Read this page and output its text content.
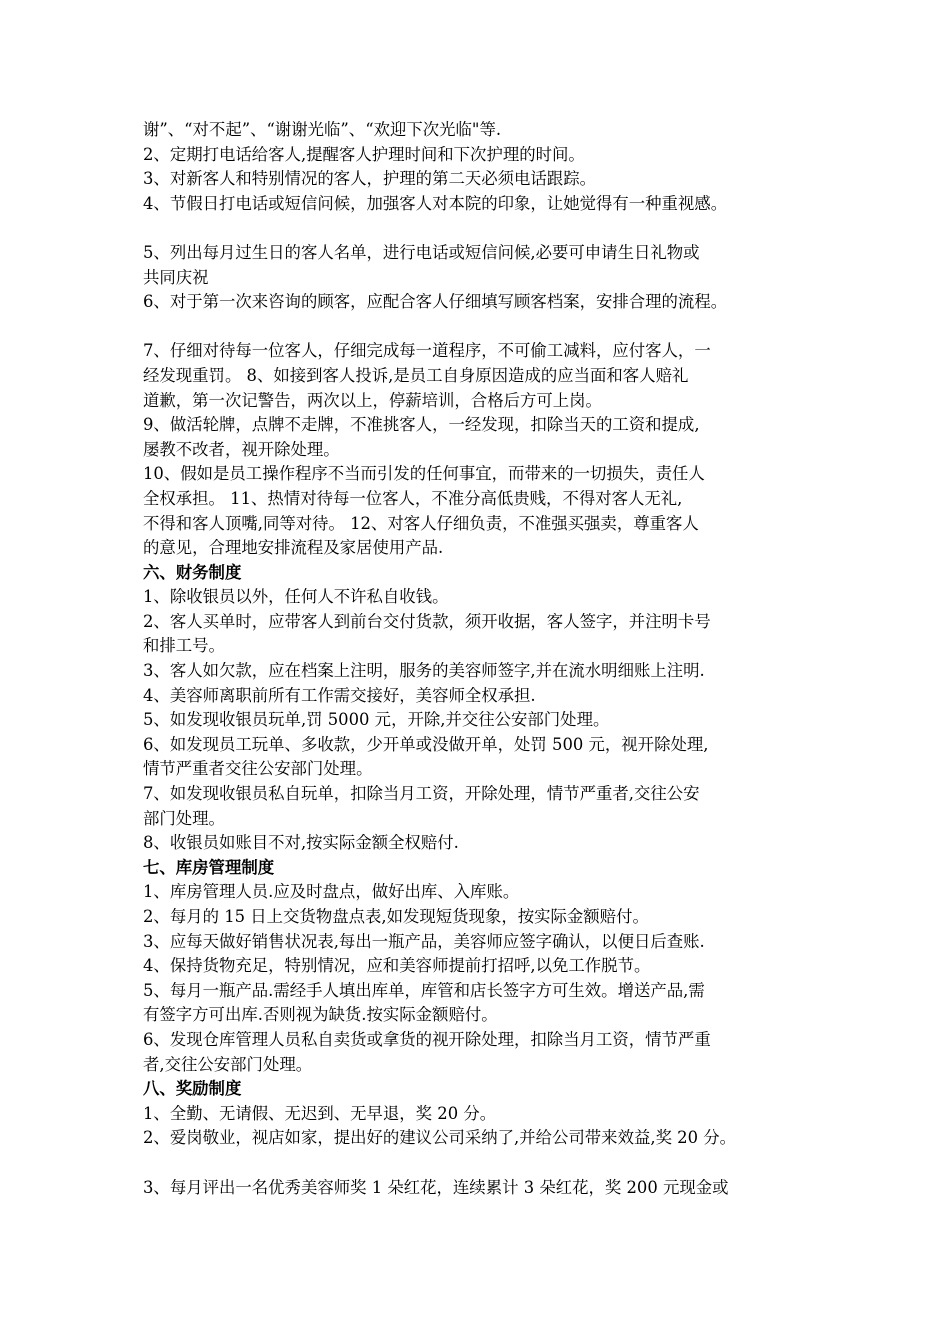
谢”、“对不起”、“谢谢光临”、“欢迎下次光临"等.
2、定期打电话给客人,提醒客人护理时间和下次护理的时间。
3、对新客人和特别情况的客人，护理的第二天必须电话跟踪。
4、节假日打电话或短信问候，加强客人对本院的印象，让她觉得有一种重视感。
5、列出每月过生日的客人名单，进行电话或短信问候,必要可申请生日礼物或
共同庆祝
6、对于第一次来咨询的顾客，应配合客人仔细填写顾客档案，安排合理的流程。
7、仔细对待每一位客人，仔细完成每一道程序，不可偷工减料，应付客人，一
经发现重罚。 8、如接到客人投诉,是员工自身原因造成的应当面和客人赔礼
道歉，第一次记警告，两次以上，停薪培训，合格后方可上岗。
9、做活轮牌，点牌不走牌，不准挑客人，一经发现，扣除当天的工资和提成,
屡教不改者，视开除处理。
10、假如是员工操作程序不当而引发的任何事宜，而带来的一切损失，责任人
全权承担。 11、热情对待每一位客人，不准分高低贵贱，不得对客人无礼,
不得和客人顶嘴,同等对待。 12、对客人仔细负责，不准强买强卖，尊重客人
的意见，合理地安排流程及家居使用产品.
六、财务制度
1、除收银员以外，任何人不许私自收钱。
2、客人买单时，应带客人到前台交付货款，须开收据，客人签字，并注明卡号
和排工号。
3、客人如欠款，应在档案上注明，服务的美容师签字,并在流水明细账上注明.
4、美容师离职前所有工作需交接好，美容师全权承担.
5、如发现收银员玩单,罚 5000 元，开除,并交往公安部门处理。
6、如发现员工玩单、多收款，少开单或没做开单，处罚 500 元，视开除处理,
情节严重者交往公安部门处理。
7、如发现收银员私自玩单，扣除当月工资，开除处理，情节严重者,交往公安
部门处理。
8、收银员如账目不对,按实际金额全权赔付.
七、库房管理制度
1、库房管理人员.应及时盘点，做好出库、入库账。
2、每月的 15 日上交货物盘点表,如发现短货现象，按实际金额赔付。
3、应每天做好销售状况表,每出一瓶产品，美容师应签字确认，以便日后查账.
4、保持货物充足，特别情况，应和美容师提前打招呼,以免工作脱节。
5、每月一瓶产品.需经手人填出库单，库管和店长签字方可生效。增送产品,需
有签字方可出库.否则视为缺货.按实际金额赔付。
6、发现仓库管理人员私自卖货或拿货的视开除处理，扣除当月工资，情节严重
者,交往公安部门处理。
八、奖励制度
1、全勤、无请假、无迟到、无早退，奖 20 分。
2、爱岗敬业，视店如家，提出好的建议公司采纳了,并给公司带来效益,奖 20 分。
3、每月评出一名优秀美容师奖 1 朵红花，连续累计 3 朵红花，奖 200 元现金或
